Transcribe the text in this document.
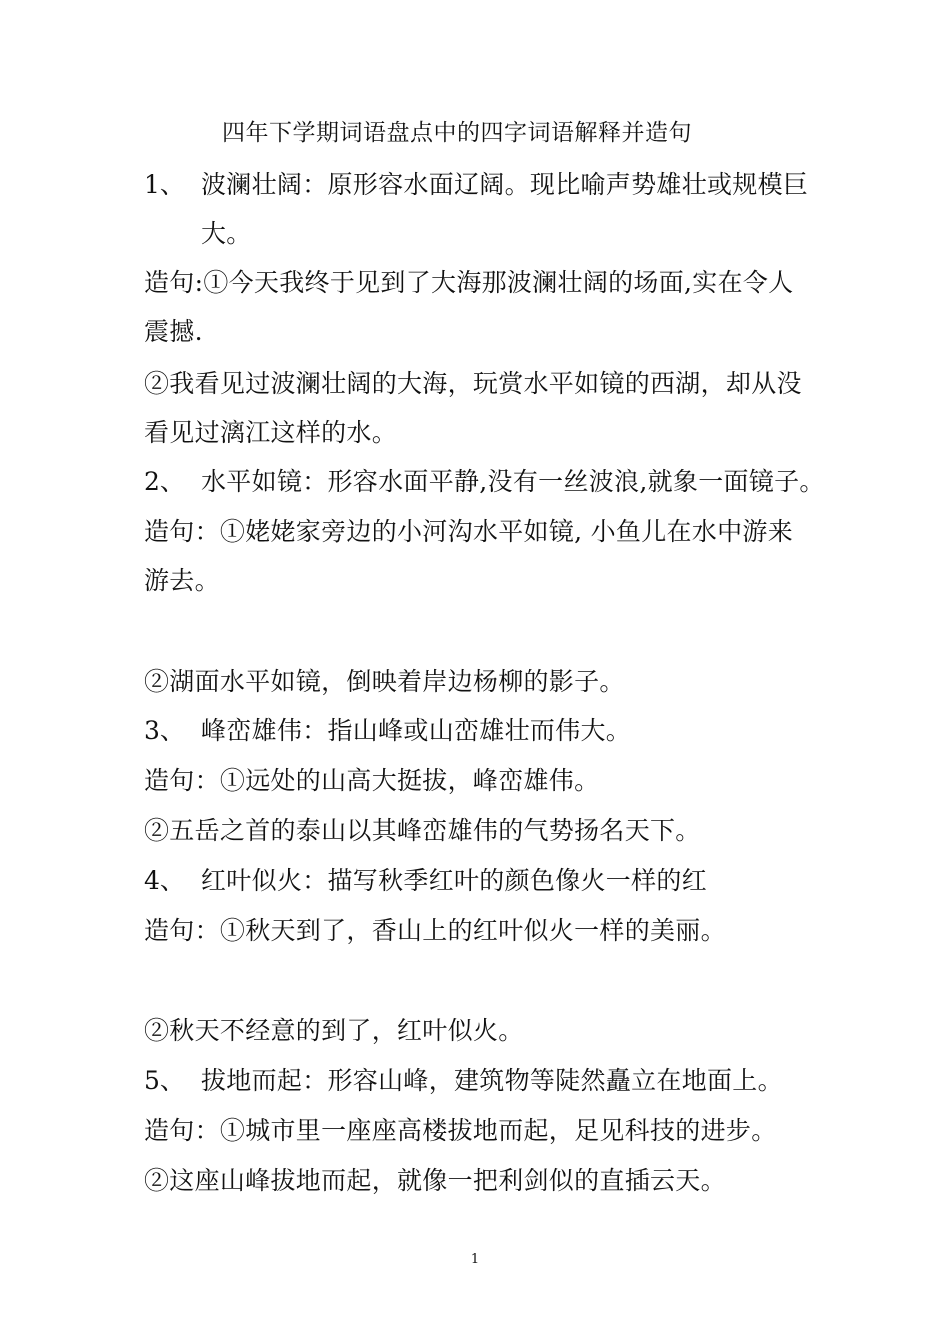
四年下学期词语盘点中的四字词语解释并造句
1、 波澜壮阔：原形容水面辽阔。现比喻声势雄壮或规模巨
大。
造句:①今天我终于见到了大海那波澜壮阔的场面,实在令人
震撼.
②我看见过波澜壮阔的大海，玩赏水平如镜的西湖，却从没
看见过漓江这样的水。
2、 水平如镜：形容水面平静,没有一丝波浪,就象一面镜子。
造句：①姥姥家旁边的小河沟水平如镜, 小鱼儿在水中游来
游去。
②湖面水平如镜，倒映着岸边杨柳的影子。
3、 峰峦雄伟：指山峰或山峦雄壮而伟大。
造句：①远处的山高大挺拔，峰峦雄伟。
②五岳之首的泰山以其峰峦雄伟的气势扬名天下。
4、 红叶似火：描写秋季红叶的颜色像火一样的红
造句：①秋天到了，香山上的红叶似火一样的美丽。
②秋天不经意的到了，红叶似火。
5、 拔地而起：形容山峰，建筑物等陡然矗立在地面上。
造句：①城市里一座座高楼拔地而起，足见科技的进步。
②这座山峰拔地而起，就像一把利剑似的直插云天。
1
